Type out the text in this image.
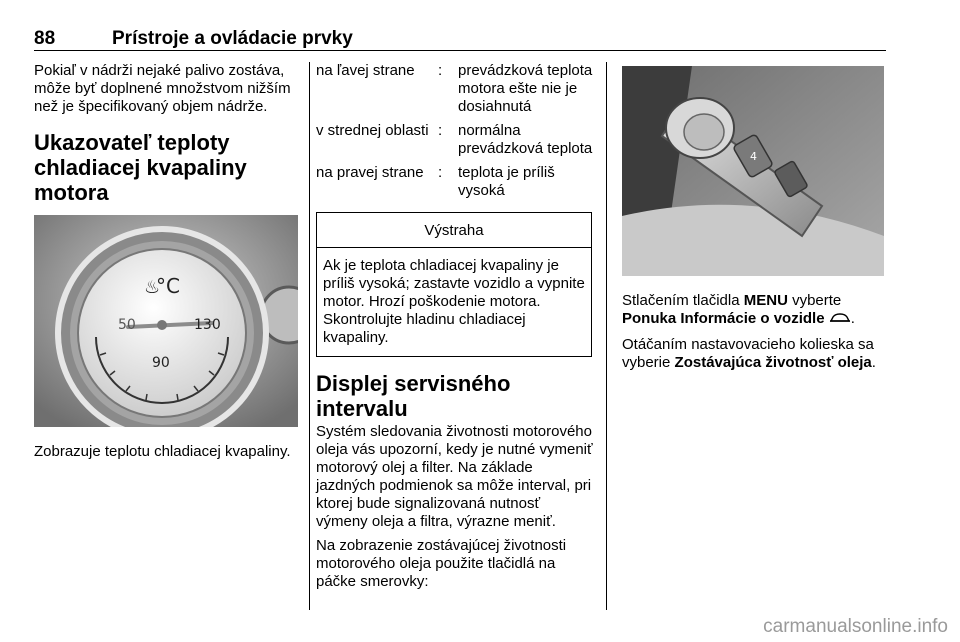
88	Prístroje a ovládacie prvky

Pokiaľ v nádrži nejaké palivo zostáva, môže byť doplnené množstvom nižším než je špecifikovaný objem nádrže.

Ukazovateľ teploty chladiacej kvapaliny motora
°C
♨
50
90
130

Zobrazuje teplotu chladiacej kvapaliny.

na ľavej strane	:	prevádzková teplota motora ešte nie je dosiahnutá
v strednej oblasti	:	normálna prevádzková teplota
na pravej strane	:	teplota je príliš vysoká
Výstraha
Ak je teplota chladiacej kvapaliny je príliš vysoká; zastavte vozidlo a vypnite motor. Hrozí poškodenie motora. Skontrolujte hladinu chladiacej kvapaliny.
Displej servisného intervalu

Systém sledovania životnosti motorového oleja vás upozorní, kedy je nutné vymeniť motorový olej a filter. Na základe jazdných podmienok sa môže interval, pri ktorej bude signalizovaná nutnosť výmeny oleja a filtra, výrazne meniť.

Na zobrazenie zostávajúcej životnosti motorového oleja použite tlačidlá na páčke smerovky:

4

Stlačením tlačidla MENU vyberte Ponuka Informácie o vozidle .

Otáčaním nastavovacieho kolieska sa vyberie Zostávajúca životnosť oleja.

carmanualsonline.info
